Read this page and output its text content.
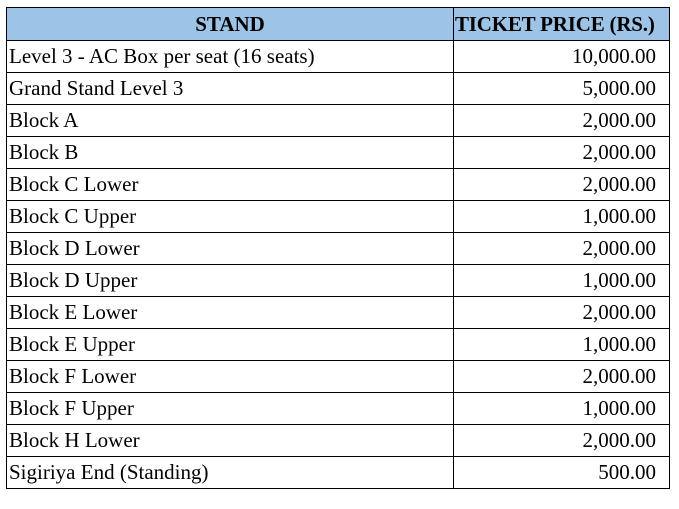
STAND	TICKET PRICE (RS.)
Level 3 - AC Box per seat (16 seats)	10,000.00
Grand Stand Level 3	5,000.00
Block A	2,000.00
Block B	2,000.00
Block C Lower	2,000.00
Block C Upper	1,000.00
Block D Lower	2,000.00
Block D Upper	1,000.00
Block E Lower	2,000.00
Block E Upper	1,000.00
Block F Lower	2,000.00
Block F Upper	1,000.00
Block H Lower	2,000.00
Sigiriya End (Standing)	500.00
